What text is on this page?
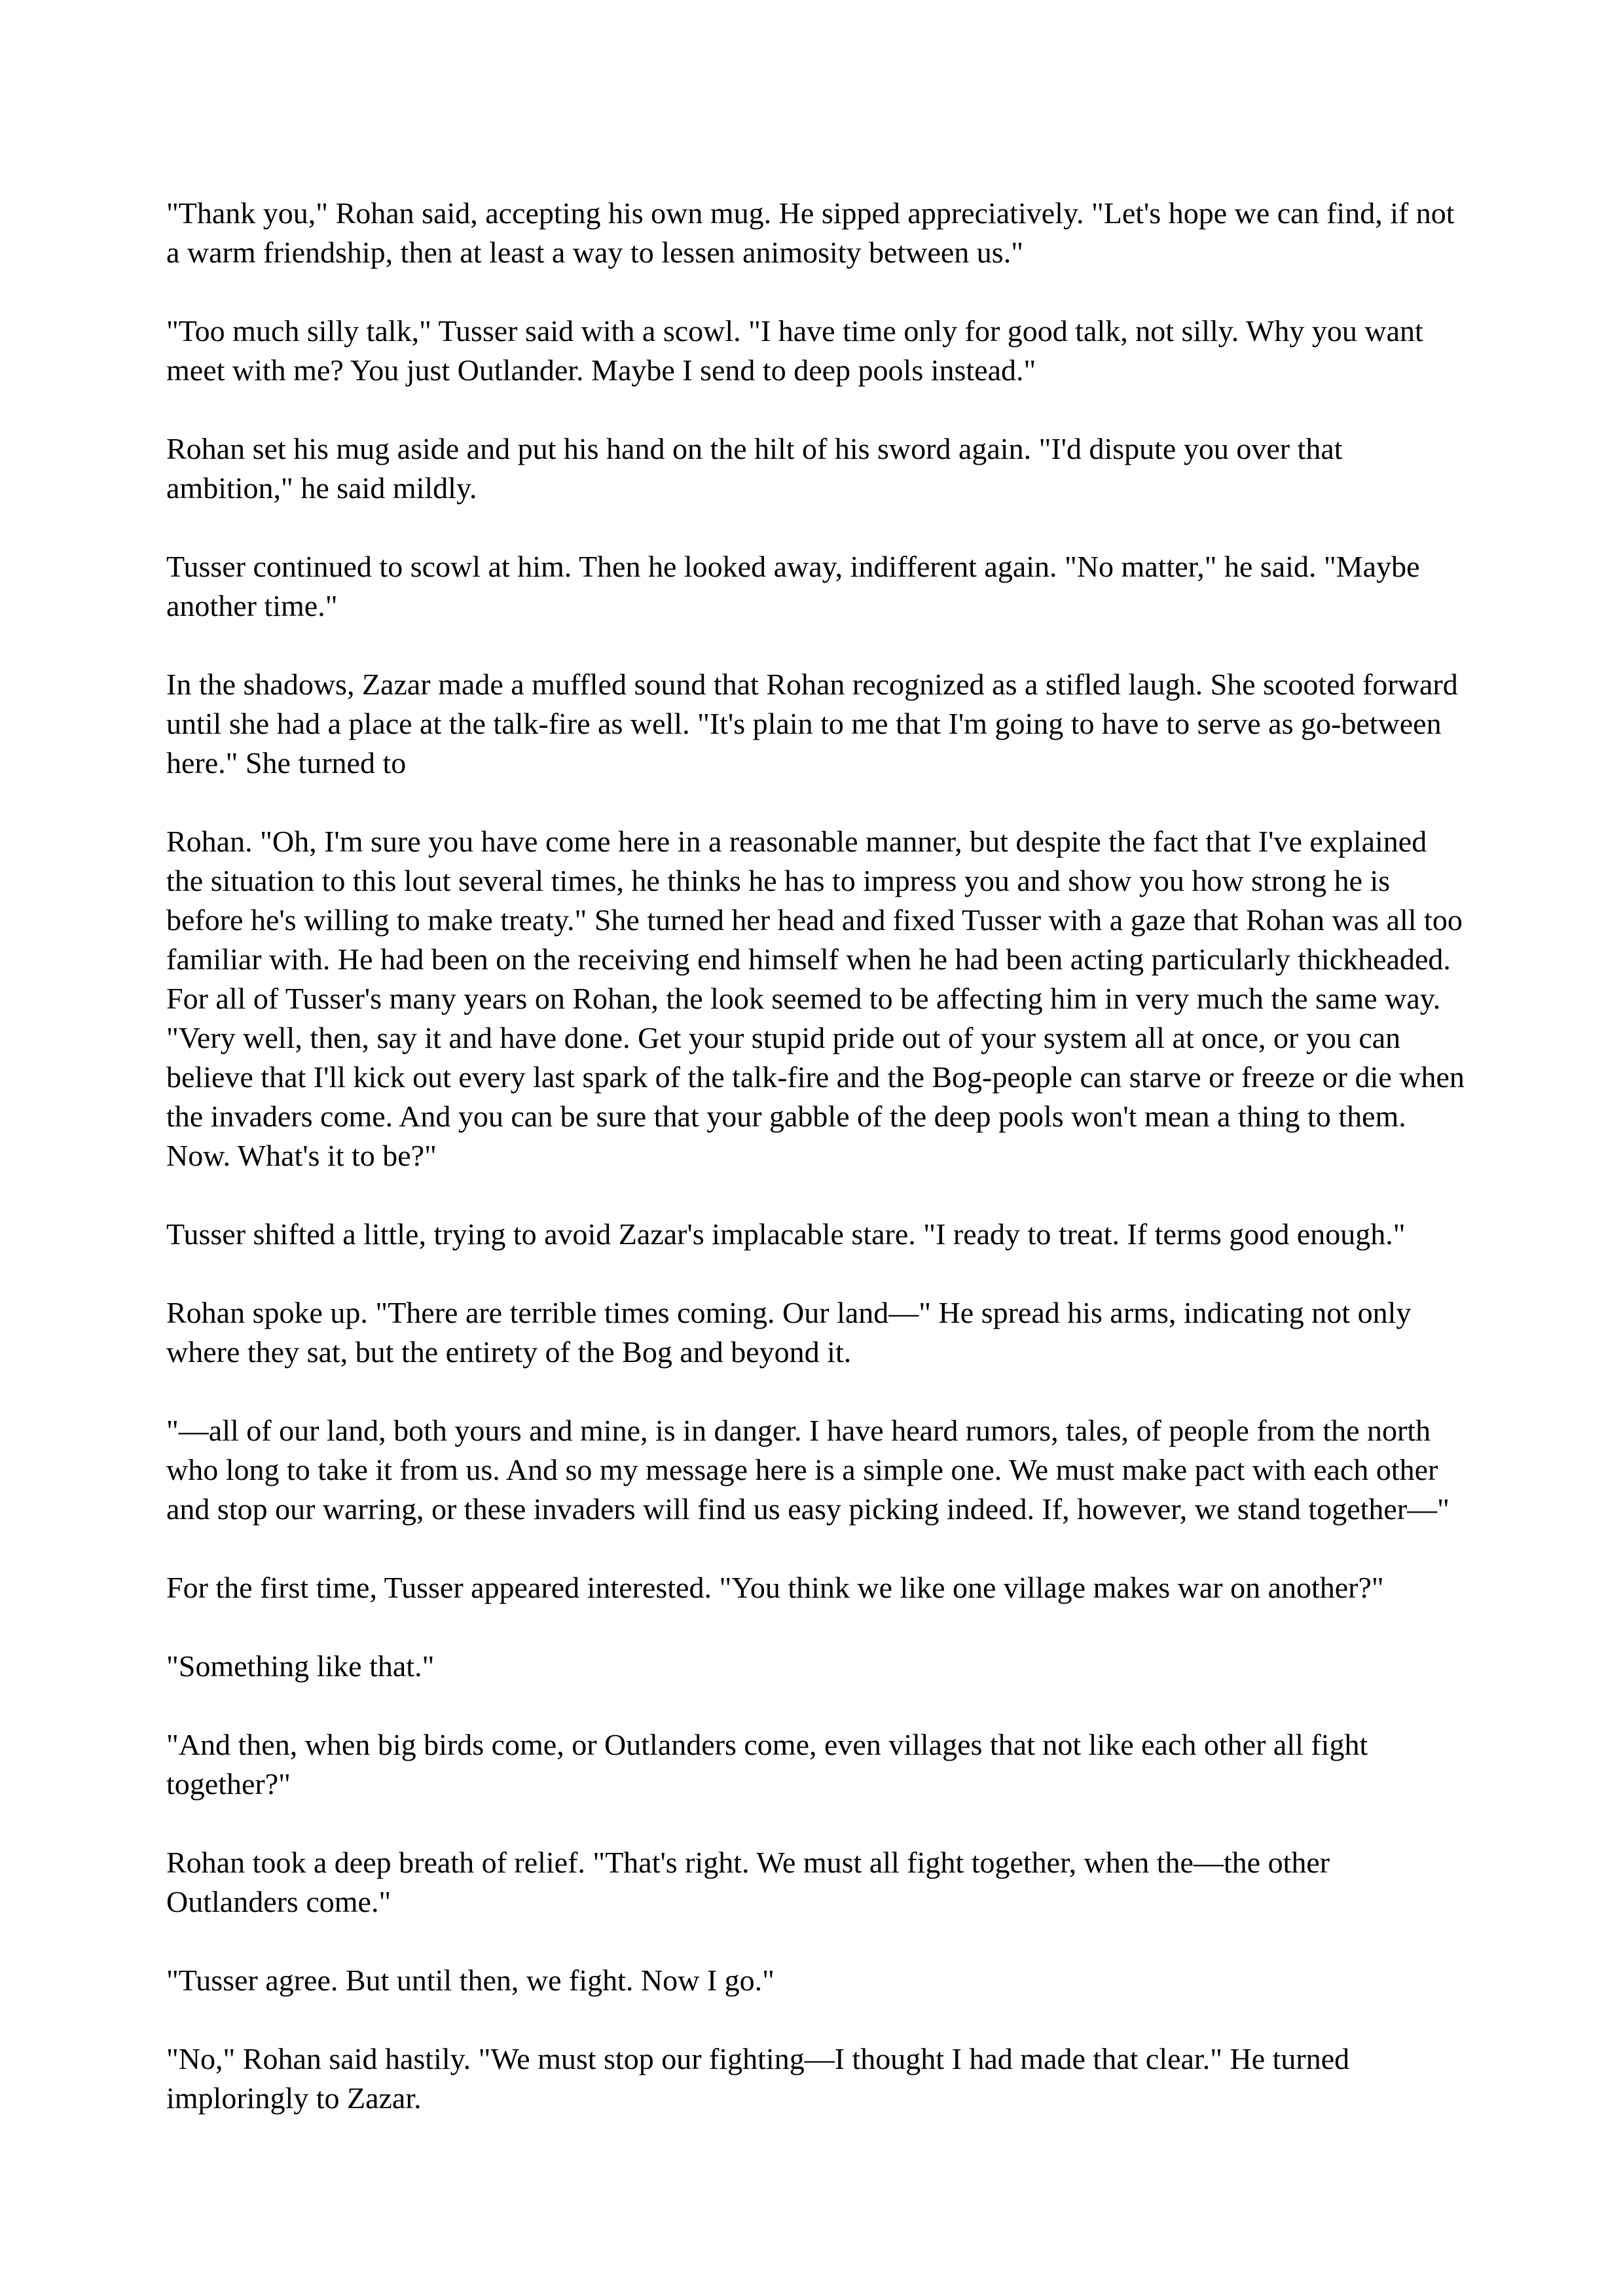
"Thank you," Rohan said, accepting his own mug. He sipped appreciatively. "Let's hope we can find, if not a warm friendship, then at least a way to lessen animosity between us."

"Too much silly talk," Tusser said with a scowl. "I have time only for good talk, not silly. Why you want meet with me? You just Outlander. Maybe I send to deep pools instead."

Rohan set his mug aside and put his hand on the hilt of his sword again. "I'd dispute you over that ambition," he said mildly.

Tusser continued to scowl at him. Then he looked away, indifferent again. "No matter," he said. "Maybe another time."

In the shadows, Zazar made a muffled sound that Rohan recognized as a stifled laugh. She scooted forward until she had a place at the talk-fire as well. "It's plain to me that I'm going to have to serve as go-between here." She turned to

Rohan. "Oh, I'm sure you have come here in a reasonable manner, but despite the fact that I've explained the situation to this lout several times, he thinks he has to impress you and show you how strong he is before he's willing to make treaty." She turned her head and fixed Tusser with a gaze that Rohan was all too familiar with. He had been on the receiving end himself when he had been acting particularly thickheaded. For all of Tusser's many years on Rohan, the look seemed to be affecting him in very much the same way. "Very well, then, say it and have done. Get your stupid pride out of your system all at once, or you can believe that I'll kick out every last spark of the talk-fire and the Bog-people can starve or freeze or die when the invaders come. And you can be sure that your gabble of the deep pools won't mean a thing to them. Now. What's it to be?"

Tusser shifted a little, trying to avoid Zazar's implacable stare. "I ready to treat. If terms good enough."

Rohan spoke up. "There are terrible times coming. Our land—" He spread his arms, indicating not only where they sat, but the entirety of the Bog and beyond it.

"—all of our land, both yours and mine, is in danger. I have heard rumors, tales, of people from the north who long to take it from us. And so my message here is a simple one. We must make pact with each other and stop our warring, or these invaders will find us easy picking indeed. If, however, we stand together—"

For the first time, Tusser appeared interested. "You think we like one village makes war on another?"

"Something like that."

"And then, when big birds come, or Outlanders come, even villages that not like each other all fight together?"

Rohan took a deep breath of relief. "That's right. We must all fight together, when the—the other Outlanders come."

"Tusser agree. But until then, we fight. Now I go."

"No," Rohan said hastily. "We must stop our fighting—I thought I had made that clear." He turned imploringly to Zazar.
